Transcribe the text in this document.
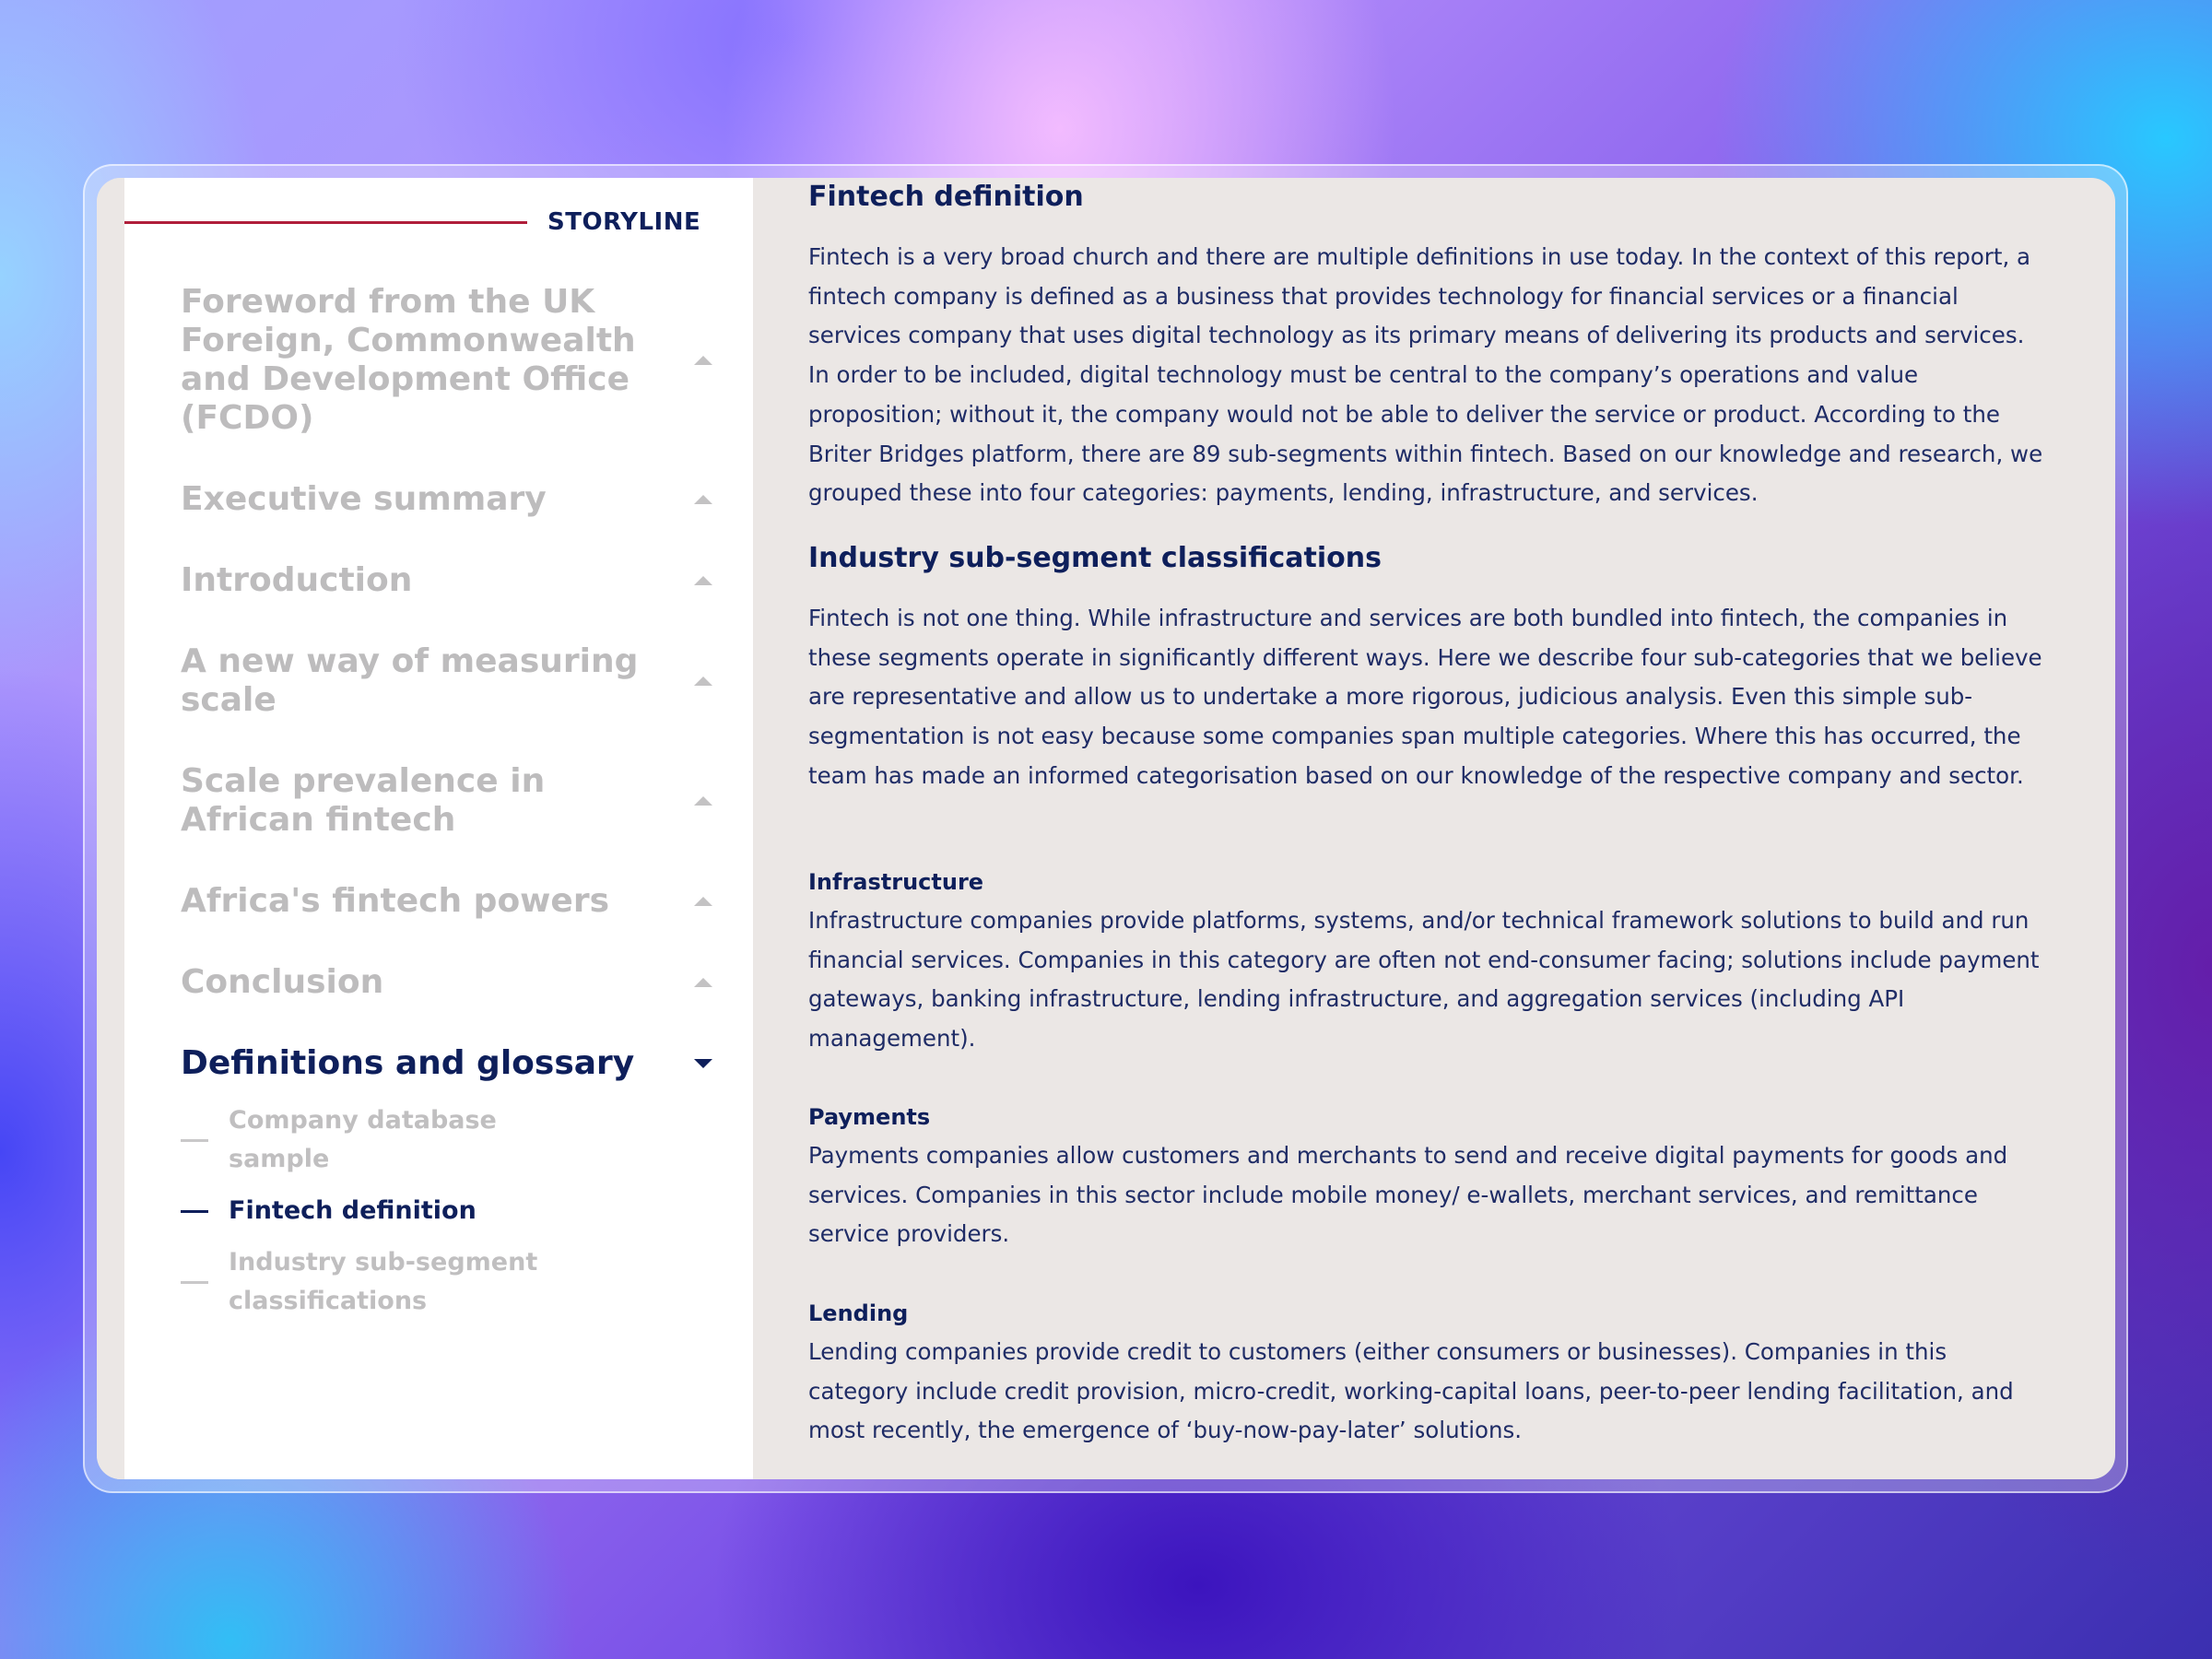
STORYLINE
Foreword from the UK Foreign, Commonwealth and Development Office (FCDO)
Executive summary
Introduction
A new way of measuring scale
Scale prevalence in African fintech
Africa's fintech powers
Conclusion
Definitions and glossary
Company database sample
Fintech definition
Industry sub-segment classifications
Fintech definition

Fintech is a very broad church and there are multiple definitions in use today. In the context of this report, a fintech company is defined as a business that provides technology for financial services or a financial services company that uses digital technology as its primary means of delivering its products and services. In order to be included, digital technology must be central to the company’s operations and value proposition; without it, the company would not be able to deliver the service or product. According to the Briter Bridges platform, there are 89 sub-segments within fintech. Based on our knowledge and research, we grouped these into four categories: payments, lending, infrastructure, and services.

Industry sub-segment classifications

Fintech is not one thing. While infrastructure and services are both bundled into fintech, the companies in these segments operate in significantly different ways. Here we describe four sub-categories that we believe are representative and allow us to undertake a more rigorous, judicious analysis. Even this simple sub-segmentation is not easy because some companies span multiple categories. Where this has occurred, the team has made an informed categorisation based on our knowledge of the respective company and sector.

Infrastructure

Infrastructure companies provide platforms, systems, and/or technical framework solutions to build and run financial services. Companies in this category are often not end-consumer facing; solutions include payment gateways, banking infrastructure, lending infrastructure, and aggregation services (including API management).

Payments

Payments companies allow customers and merchants to send and receive digital payments for goods and services. Companies in this sector include mobile money/ e-wallets, merchant services, and remittance service providers.

Lending

Lending companies provide credit to customers (either consumers or businesses). Companies in this category include credit provision, micro-credit, working-capital loans, peer-to-peer lending facilitation, and most recently, the emergence of ‘buy-now-pay-later’ solutions.
